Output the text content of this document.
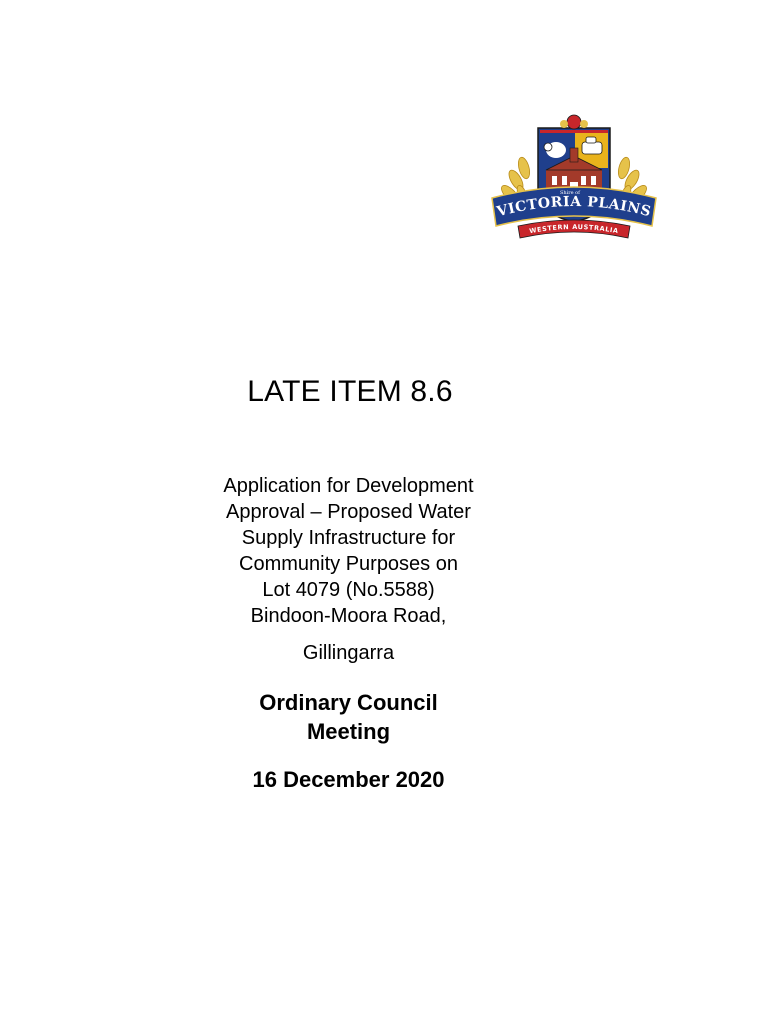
VICTORIA PLAINS
Shire of
WESTERN AUSTRALIA
LATE ITEM 8.6
Application for Development
Approval – Proposed Water
Supply Infrastructure for
Community Purposes on
Lot 4079 (No.5588)
Bindoon-Moora Road,
Gillingarra
Ordinary Council
Meeting
16 December 2020
